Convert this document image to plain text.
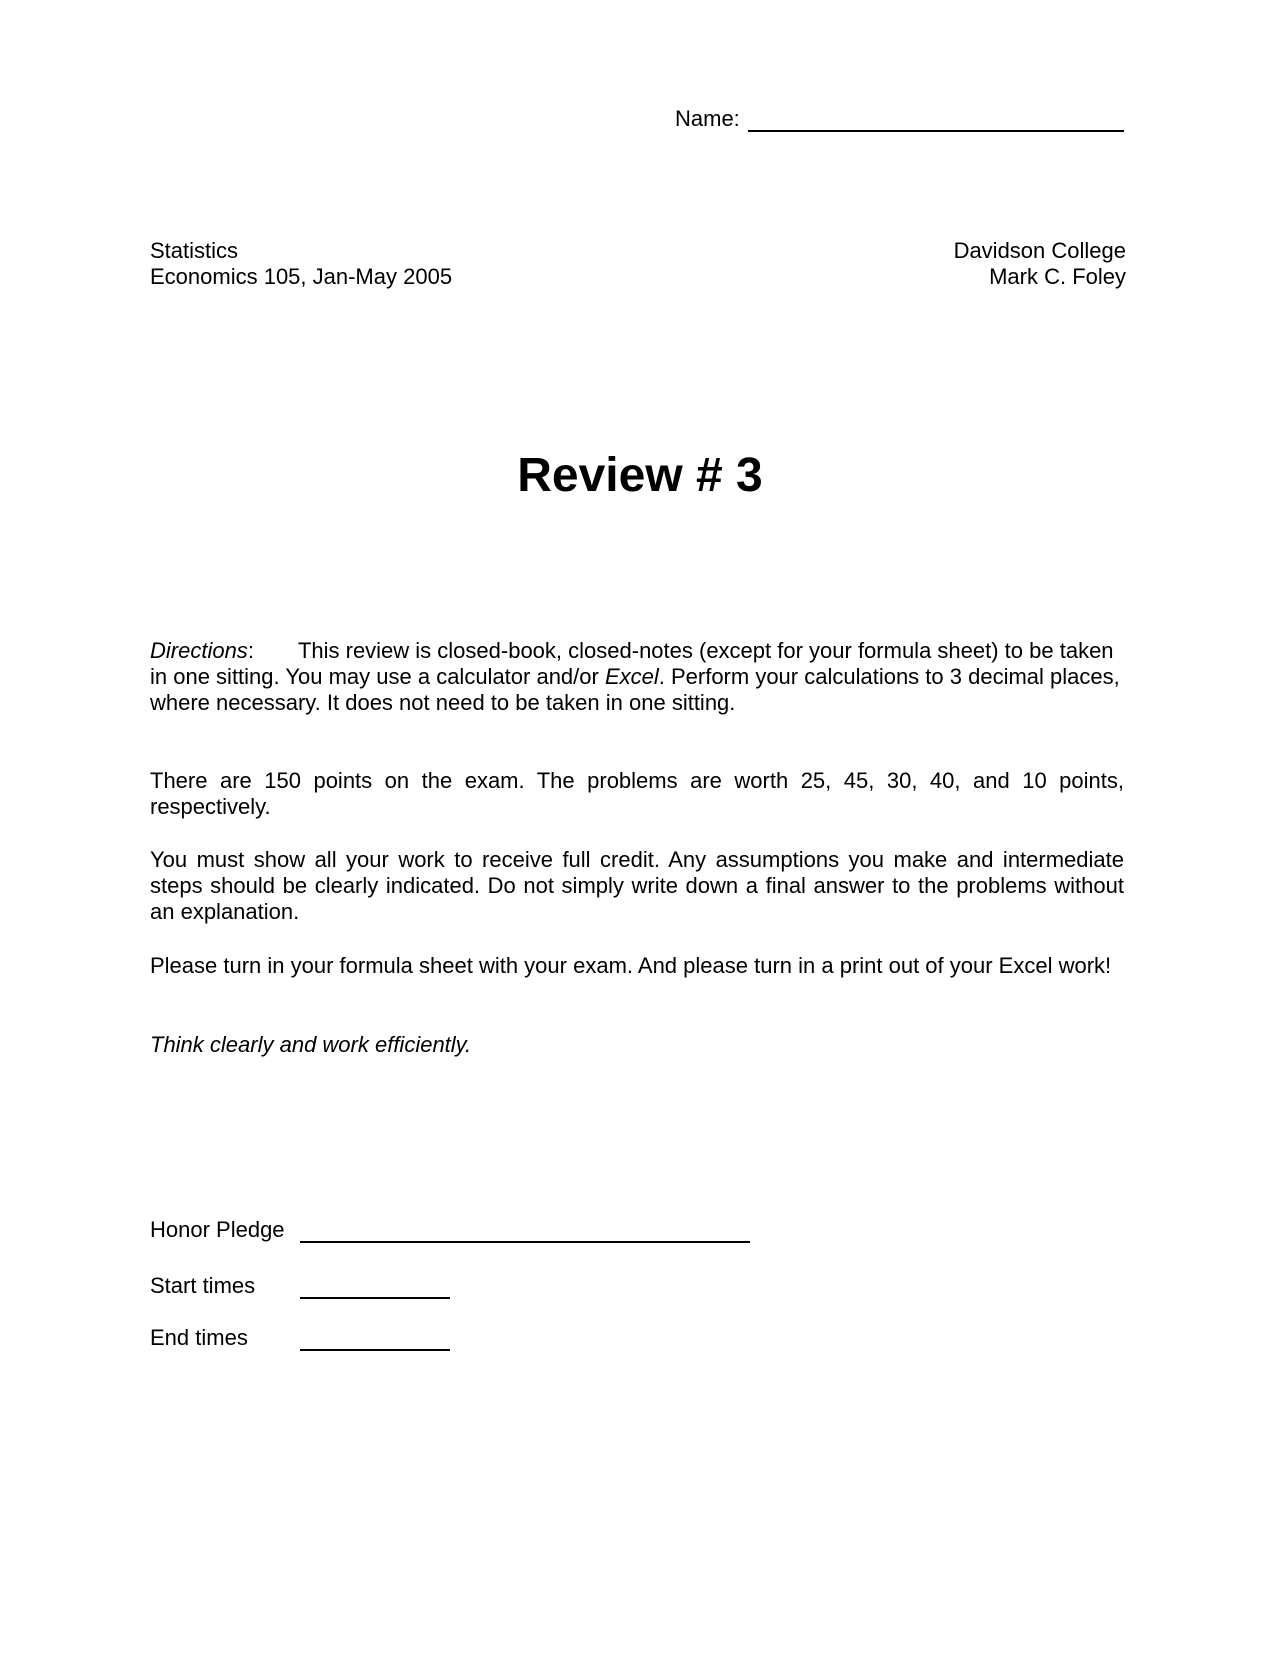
Name:
Statistics
Economics 105, Jan-May 2005
Davidson College
Mark C. Foley
Review # 3
Directions: This review is closed-book, closed-notes (except for your formula sheet) to be taken in one sitting. You may use a calculator and/or Excel. Perform your calculations to 3 decimal places, where necessary. It does not need to be taken in one sitting.
There are 150 points on the exam. The problems are worth 25, 45, 30, 40, and 10 points, respectively.
You must show all your work to receive full credit. Any assumptions you make and intermediate steps should be clearly indicated. Do not simply write down a final answer to the problems without an explanation.
Please turn in your formula sheet with your exam. And please turn in a print out of your Excel work!
Think clearly and work efficiently.
Honor Pledge
Start times
End times
